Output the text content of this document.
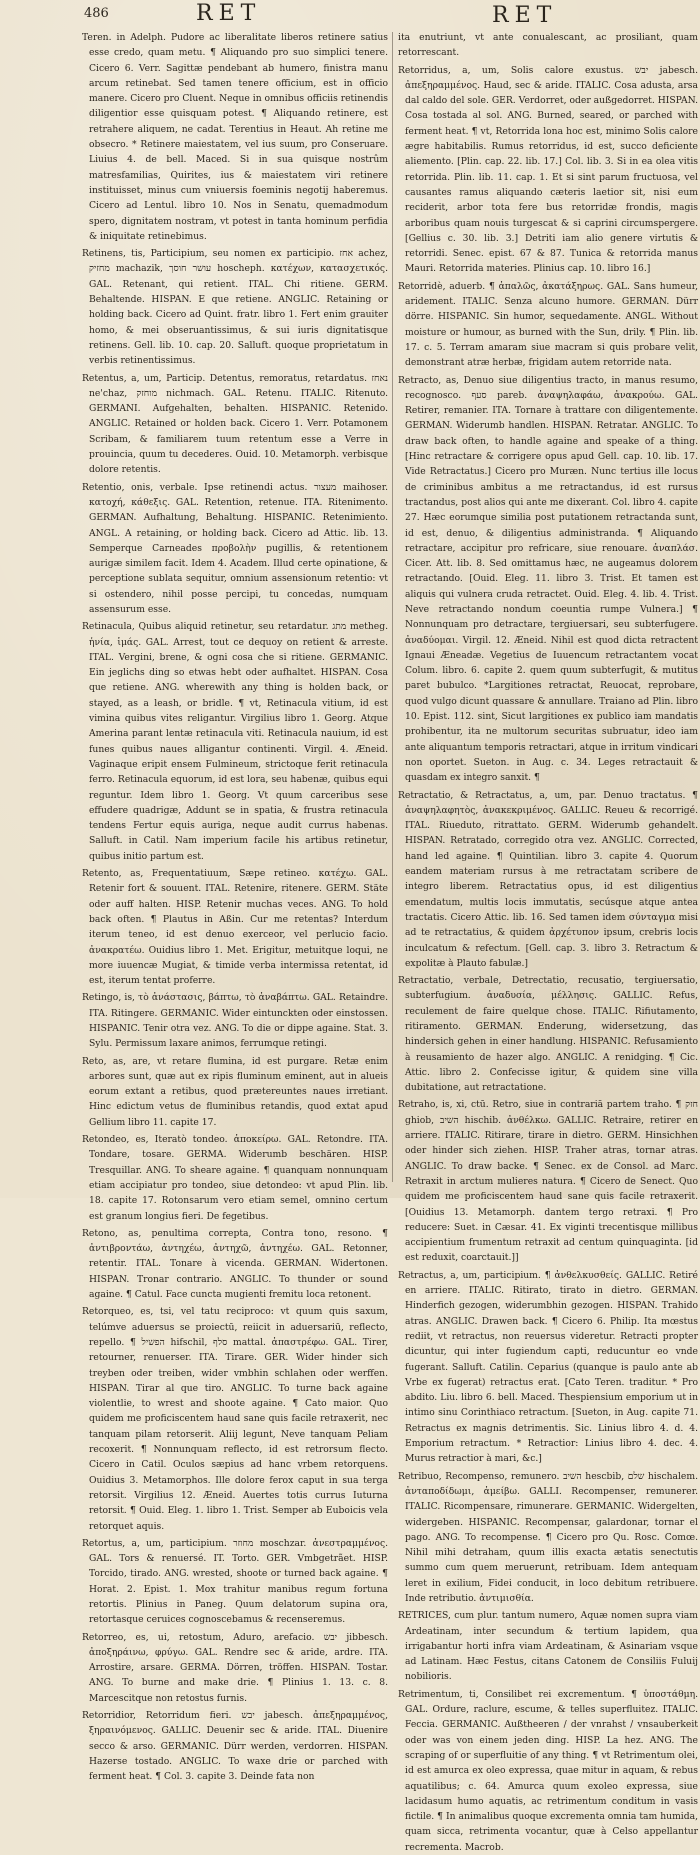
486	RET	RET

Teren. in Adelph. Pudore ac liberalitate liberos retinere satius esse credo, quam metu. ¶ Aliquando pro suo simplici tenere. Cicero 6. Verr. Sagittæ pendebant ab humero, finistra manu arcum retinebat. Sed tamen tenere officium, est in officio manere. Cicero pro Cluent. Neque in omnibus officiis retinendis diligentior esse quisquam potest. ¶ Aliquando retinere, est retrahere aliquem, ne cadat. Terentius in Heaut. Ah retine me obsecro. * Retinere maiestatem, vel ius suum, pro Conseruare. Liuius 4. de bell. Maced. Si in sua quisque nostrûm matresfamilias, Quirites, ius & maiestatem viri retinere instituisset, minus cum vniuersis foeminis negotij haberemus. Cicero ad Lentul. libro 10. Nos in Senatu, quemadmodum spero, dignitatem nostram, vt potest in tanta hominum perfidia & iniquitate retinebimus.

Retinens, tis, Participium, seu nomen ex participio. אחז achez, מחזיק machazik, עושר חוסך hoscheph. κατέχων, κατασχετικός. GAL. Retenant, qui retient. ITAL. Chi ritiene. GERM. Behaltende. HISPAN. E que retiene. ANGLIC. Retaining or holding back. Cicero ad Quint. fratr. libro 1. Fert enim grauiter homo, & mei obseruantissimus, & sui iuris dignitatisque retinens. Gell. lib. 10. cap. 20. Salluft. quoque proprietatum in verbis retinentissimus.

Retentus, a, um, Particip. Detentus, remoratus, retardatus. נאחז ne'chaz, מוחזק nichmach. GAL. Retenu. ITALIC. Ritenuto. GERMANI. Aufgehalten, behalten. HISPANIC. Retenido. ANGLIC. Retained or holden back. Cicero 1. Verr. Potamonem Scribam, & familiarem tuum retentum esse a Verre in prouincia, quum tu decederes. Ouid. 10. Metamorph. verbisque dolore retentis.

Retentio, onis, verbale. Ipse retinendi actus. מעצור maihoser. κατοχή, κάθεξις. GAL. Retention, retenue. ITA. Ritenimento. GERMAN. Aufhaltung, Behaltung. HISPANIC. Retenimiento. ANGL. A retaining, or holding back. Cicero ad Attic. lib. 13. Semperque Carneades προβολὴν pugillis, & retentionem aurigæ similem facit. Idem 4. Academ. Illud certe opinatione, & perceptione sublata sequitur, omnium assensionum retentio: vt si ostendero, nihil posse percipi, tu concedas, numquam assensurum esse.

Retinacula, Quibus aliquid retinetur, seu retardatur. מתג metheg. ἡνία, ἱμάς. GAL. Arrest, tout ce dequoy on retient & arreste. ITAL. Vergini, brene, & ogni cosa che si ritiene. GERMANIC. Ein jeglichs ding so etwas hebt oder aufhaltet. HISPAN. Cosa que retiene. ANG. wherewith any thing is holden back, or stayed, as a leash, or bridle. ¶ vt, Retinacula vitium, id est vimina quibus vites religantur. Virgilius libro 1. Georg. Atque Amerina parant lentæ retinacula viti. Retinacula nauium, id est funes quibus naues alligantur continenti. Virgil. 4. Æneid. Vaginaque eripit ensem Fulmineum, strictoque ferit retinacula ferro. Retinacula equorum, id est lora, seu habenæ, quibus equi reguntur. Idem libro 1. Georg. Vt quum carceribus sese effudere quadrigæ, Addunt se in spatia, & frustra retinacula tendens Fertur equis auriga, neque audit currus habenas. Salluft. in Catil. Nam imperium facile his artibus retinetur, quibus initio partum est.

Retento, as, Frequentatiuum, Sæpe retineo. κατέχω. GAL. Retenir fort & souuent. ITAL. Retenire, ritenere. GERM. Stäte oder auff halten. HISP. Retenir muchas veces. ANG. To hold back often. ¶ Plautus in Aßin. Cur me retentas? Interdum iterum teneo, id est denuo exerceor, vel perlucio facio. ἀνακρατέω. Ouidius libro 1. Met. Erigitur, metuitque loqui, ne more iuuencæ Mugiat, & timide verba intermissa retentat, id est, iterum tentat proferre.

Retingo, is, τὸ ἀνάστασις, βάπτω, τὸ ἀναβάπτω. GAL. Retaindre. ITA. Ritingere. GERMANIC. Wider eintunckten oder einstossen. HISPANIC. Tenir otra vez. ANG. To die or dippe againe. Stat. 3. Sylu. Permissum laxare animos, ferrumque retingi.

Reto, as, are, vt retare flumina, id est purgare. Retæ enim arbores sunt, quæ aut ex ripis fluminum eminent, aut in alueis eorum extant a retibus, quod prætereuntes naues irretiant. Hinc edictum vetus de fluminibus retandis, quod extat apud Gellium libro 11. capite 17.

Retondeo, es, Iteratò tondeo. ἀποκείρω. GAL. Retondre. ITA. Tondare, tosare. GERMA. Widerumb beschären. HISP. Tresquillar. ANG. To sheare againe. ¶ quanquam nonnunquam etiam accipiatur pro tondeo, siue detondeo: vt apud Plin. lib. 18. capite 17. Rotonsarum vero etiam semel, omnino certum est granum longius fieri. De fegetibus.

Retono, as, penultima correpta, Contra tono, resono. ¶ ἀντιβροντάω, ἀντηχέω, ἀντηχῶ, ἀντηχέω. GAL. Retonner, retentir. ITAL. Tonare à vicenda. GERMAN. Widertonen. HISPAN. Tronar contrario. ANGLIC. To thunder or sound againe. ¶ Catul. Face cuncta mugienti fremitu loca retonent.

Retorqueo, es, tsi, vel tatu reciproco: vt quum quis saxum, telúmve aduersus se proiectū, reiicit in aduersariū, reflecto, repello. ¶ הפשיל hifschil, סלף mattal. ἀπαστρέφω. GAL. Tirer, retourner, renuerser. ITA. Tirare. GER. Wider hinder sich treyben oder treiben, wider vmbhin schlahen oder werffen. HISPAN. Tirar al que tiro. ANGLIC. To turne back againe violentlie, to wrest and shoote againe. ¶ Cato maior. Quo quidem me proficiscentem haud sane quis facile retraxerit, nec tanquam pilam retorserit. Aliij legunt, Neve tanquam Peliam recoxerit. ¶ Nonnunquam reflecto, id est retrorsum flecto. Cicero in Catil. Oculos sæpius ad hanc vrbem retorquens. Ouidius 3. Metamorphos. Ille dolore ferox caput in sua terga retorsit. Virgilius 12. Æneid. Auertes totis currus Iuturna retorsit. ¶ Ouid. Eleg. 1. libro 1. Trist. Semper ab Euboicis vela retorquet aquis.

Retortus, a, um, participium. מחוזר moschzar. ἀνεστραμμένος. GAL. Tors & renuersé. IT. Torto. GER. Vmbgetrãet. HISP. Torcido, tirado. ANG. wrested, shoote or turned back againe. ¶ Horat. 2. Epist. 1. Mox trahitur manibus regum fortuna retortis. Plinius in Paneg. Quum delatorum supina ora, retortasque ceruices cognoscebamus & recenseremus.

Retorreo, es, ui, retostum, Aduro, arefacio. יבש jibbesch. ἀποξηράινω, φρύγω. GAL. Rendre sec & aride, ardre. ITA. Arrostire, arsare. GERMA. Dörren, tröffen. HISPAN. Tostar. ANG. To burne and make drie. ¶ Plinius 1. 13. c. 8. Marcescitque non retostus furnis.

Retorridior, Retorridum fieri. יבש jabesch. ἀπεξηραμμένος, ξηραινόμενος. GALLIC. Deuenir sec & aride. ITAL. Diuenire secco & arso. GERMANIC. Dürr werden, verdorren. HISPAN. Hazerse tostado. ANGLIC. To waxe drie or parched with ferment heat. ¶ Col. 3. capite 3. Deinde fata non

ita enutriunt, vt ante conualescant, ac prosiliant, quam retorrescant.

Retorridus, a, um, Solis calore exustus. יבש jabesch. ἀπεξηραμμένος. Haud, sec & aride. ITALIC. Cosa adusta, arsa dal caldo del sole. GER. Verdorret, oder außgedorret. HISPAN. Cosa tostada al sol. ANG. Burned, seared, or parched with ferment heat. ¶ vt, Retorrida lona hoc est, minimo Solis calore ægre habitabilis. Rumus retorridus, id est, succo deficiente aliemento. [Plin. cap. 22. lib. 17.] Col. lib. 3. Si in ea olea vitis retorrida. Plin. lib. 11. cap. 1. Et si sint parum fructuosa, vel causantes ramus aliquando cæteris laetior sit, nisi eum reciderit, arbor tota fere bus retorridæ frondis, magis arboribus quam nouis turgescat & si caprini circumspergere. [Gellius c. 30. lib. 3.] Detriti iam alio genere virtutis & retorridi. Senec. epist. 67 & 87. Tunica & retorrida manus Mauri. Retorrida materies. Plinius cap. 10. libro 16.]

Retorridè, aduerb. ¶ ἀπαλῶς, ἀκατάξηρως. GAL. Sans humeur, aridement. ITALIC. Senza alcuno humore. GERMAN. Dürr dörre. HISPANIC. Sin humor, sequedamente. ANGL. Without moisture or humour, as burned with the Sun, drily. ¶ Plin. lib. 17. c. 5. Terram amaram siue macram si quis probare velit, demonstrant atræ herbæ, frigidam autem retorride nata.

Retracto, as, Denuo siue diligentius tracto, in manus resumo, recognosco. סעף pareb. ἀναψηλαφάω, ἀνακρούω. GAL. Retirer, remanier. ITA. Tornare à trattare con diligentemente. GERMAN. Widerumb handlen. HISPAN. Retratar. ANGLIC. To draw back often, to handle againe and speake of a thing. [Hinc retractare & corrigere opus apud Gell. cap. 10. lib. 17. Vide Retractatus.] Cicero pro Muræn. Nunc tertius ille locus de criminibus ambitus a me retractandus, id est rursus tractandus, post alios qui ante me dixerant. Col. libro 4. capite 27. Hæc eorumque similia post putationem retractanda sunt, id est, denuo, & diligentius administranda. ¶ Aliquando retractare, accipitur pro refricare, siue renouare. ἀναπλάσ. Cicer. Att. lib. 8. Sed omittamus hæc, ne augeamus dolorem retractando. [Ouid. Eleg. 11. libro 3. Trist. Et tamen est aliquis qui vulnera cruda retractet. Ouid. Eleg. 4. lib. 4. Trist. Neve retractando nondum coeuntia rumpe Vulnera.] ¶ Nonnunquam pro detractare, tergiuersari, seu subterfugere. ἀναδύομαι. Virgil. 12. Æneid. Nihil est quod dicta retractent Ignaui Æneadæ. Vegetius de Iuuencum retractantem vocat Colum. libro. 6. capite 2. quem quum subterfugit, & mutitus paret bubulco. *Largitiones retractat, Reuocat, reprobare, quod vulgo dicunt quassare & annullare. Traiano ad Plin. libro 10. Epist. 112. sint, Sicut largitiones ex publico iam mandatis prohibentur, ita ne multorum securitas subruatur, ideo iam ante aliquantum temporis retractari, atque in irritum vindicari non oportet. Sueton. in Aug. c. 34. Leges retractauit & quasdam ex integro sanxit. ¶

Retractatio, & Retractatus, a, um, par. Denuo tractatus. ¶ ἀναψηλαφητὸς, ἀνακεκριμένος. GALLIC. Reueu & recorrigé. ITAL. Riueduto, ritrattato. GERM. Widerumb gehandelt. HISPAN. Retratado, corregido otra vez. ANGLIC. Corrected, hand led againe. ¶ Quintilian. libro 3. capite 4. Quorum eandem materiam rursus à me retractatam scribere de integro liberem. Retractatius opus, id est diligentius emendatum, multis locis immutatis, secúsque atque antea tractatis. Cicero Attic. lib. 16. Sed tamen idem σύνταγμα misi ad te retractatius, & quidem ἀρχέτυπον ipsum, crebris locis inculcatum & refectum. [Gell. cap. 3. libro 3. Retractum & expolitæ à Plauto fabulæ.]

Retractatio, verbale, Detrectatio, recusatio, tergiuersatio, subterfugium. ἀναδυσία, μέλλησις. GALLIC. Refus, reculement de faire quelque chose. ITALIC. Rifiutamento, ritiramento. GERMAN. Enderung, widersetzung, das hindersich gehen in einer handlung. HISPANIC. Refusamiento à reusamiento de hazer algo. ANGLIC. A renidging. ¶ Cic. Attic. libro 2. Confecisse igitur, & quidem sine villa dubitatione, aut retractatione.

Retraho, is, xi, ctū. Retro, siue in contrariā partem traho. ¶ חזק ghiob, השיב hischib. ἀνθέλκω. GALLIC. Retraire, retirer en arriere. ITALIC. Ritirare, tirare in dietro. GERM. Hinsichhen oder hinder sich ziehen. HISP. Traher atras, tornar atras. ANGLIC. To draw backe. ¶ Senec. ex de Consol. ad Marc. Retraxit in arctum mulieres natura. ¶ Cicero de Senect. Quo quidem me proficiscentem haud sane quis facile retraxerit. [Ouidius 13. Metamorph. dantem tergo retraxi. ¶ Pro reducere: Suet. in Cæsar. 41. Ex viginti trecentisque millibus accipientium frumentum retraxit ad centum quinquaginta. [id est reduxit, coarctauit.]]

Retractus, a, um, participium. ¶ ἀνθελκυσθείς. GALLIC. Retiré en arriere. ITALIC. Ritirato, tirato in dietro. GERMAN. Hinderfich gezogen, widerumbhin gezogen. HISPAN. Trahido atras. ANGLIC. Drawen back. ¶ Cicero 6. Philip. Ita mœstus rediit, vt retractus, non reuersus videretur. Retracti propter dicuntur, qui inter fugiendum capti, reducuntur eo vnde fugerant. Salluft. Catilin. Ceparius (quanque is paulo ante ab Vrbe ex fugerat) retractus erat. [Cato Teren. traditur. * Pro abdito. Liu. libro 6. bell. Maced. Thespiensium emporium ut in intimo sinu Corinthiaco retractum. [Sueton, in Aug. capite 71. Retractus ex magnis detrimentis. Sic. Linius libro 4. d. 4. Emporium retractum. * Retractior: Linius libro 4. dec. 4. Murus retractior à mari, &c.]

Retribuo, Recompenso, remunero. השיב hescbib, שלם hischalem. ἀνταποδίδωμι, ἀμείβω. GALLI. Recompenser, remunerer. ITALIC. Ricompensare, rimunerare. GERMANIC. Widergelten, widergeben. HISPANIC. Recompensar, galardonar, tornar el pago. ANG. To recompense. ¶ Cicero pro Qu. Rosc. Comœ. Nihil mihi detraham, quum illis exacta ætatis senectutis summo cum quem meruerunt, retribuam. Idem antequam leret in exilium, Fidei conducit, in loco debitum retribuere. Inde retributio. ἀντιμισθία.

RETRICES, cum plur. tantum numero, Aquæ nomen supra viam Ardeatinam, inter secundum & tertium lapidem, qua irrigabantur horti infra viam Ardeatinam, & Asinariam vsque ad Latinam. Hæc Festus, citans Catonem de Consiliis Fuluij nobilioris.

Retrimentum, ti, Consilibet rei excrementum. ¶ ὑποστάθμη. GAL. Ordure, raclure, escume, & telles superfluitez. ITALIC. Feccia. GERMANIC. Außtheeren / der vnrahst / vnsauberkeit oder was von einem jeden ding. HISP. La hez. ANG. The scraping of or superfluitie of any thing. ¶ vt Retrimentum olei, id est amurca ex oleo expressa, quae mitur in aquam, & rebus aquatilibus; c. 64. Amurca quum exoleo expressa, siue lacidasum humo aquatis, ac retrimentum conditum in vasis fictile. ¶ In animalibus quoque excrementa omnia tam humida, quam sicca, retrimenta vocantur, quæ à Celso appellantur recrementa. Macrob.
